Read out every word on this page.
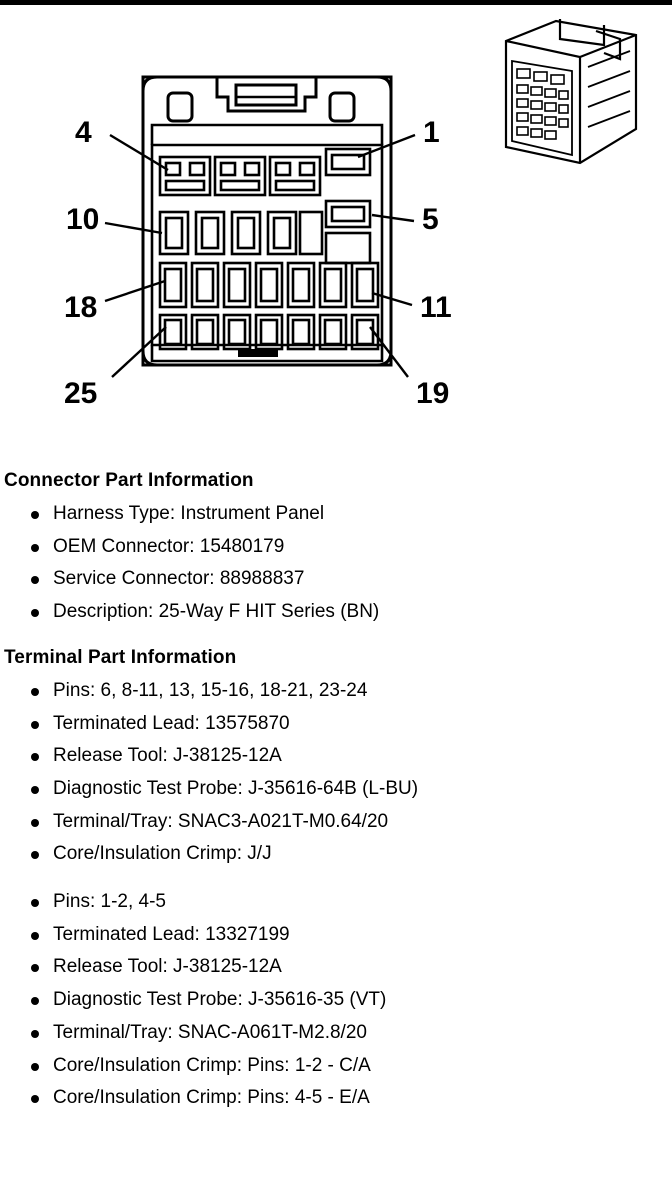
4	1
10	5
18	11
25	19
Connector Part Information
Harness Type: Instrument Panel
OEM Connector: 15480179
Service Connector: 88988837
Description: 25-Way F HIT Series (BN)
Terminal Part Information
Pins: 6, 8-11, 13, 15-16, 18-21, 23-24
Terminated Lead: 13575870
Release Tool: J-38125-12A
Diagnostic Test Probe: J-35616-64B (L-BU)
Terminal/Tray: SNAC3-A021T-M0.64/20
Core/Insulation Crimp: J/J
Pins: 1-2, 4-5
Terminated Lead: 13327199
Release Tool: J-38125-12A
Diagnostic Test Probe: J-35616-35 (VT)
Terminal/Tray: SNAC-A061T-M2.8/20
Core/Insulation Crimp: Pins: 1-2 - C/A
Core/Insulation Crimp: Pins: 4-5 - E/A
